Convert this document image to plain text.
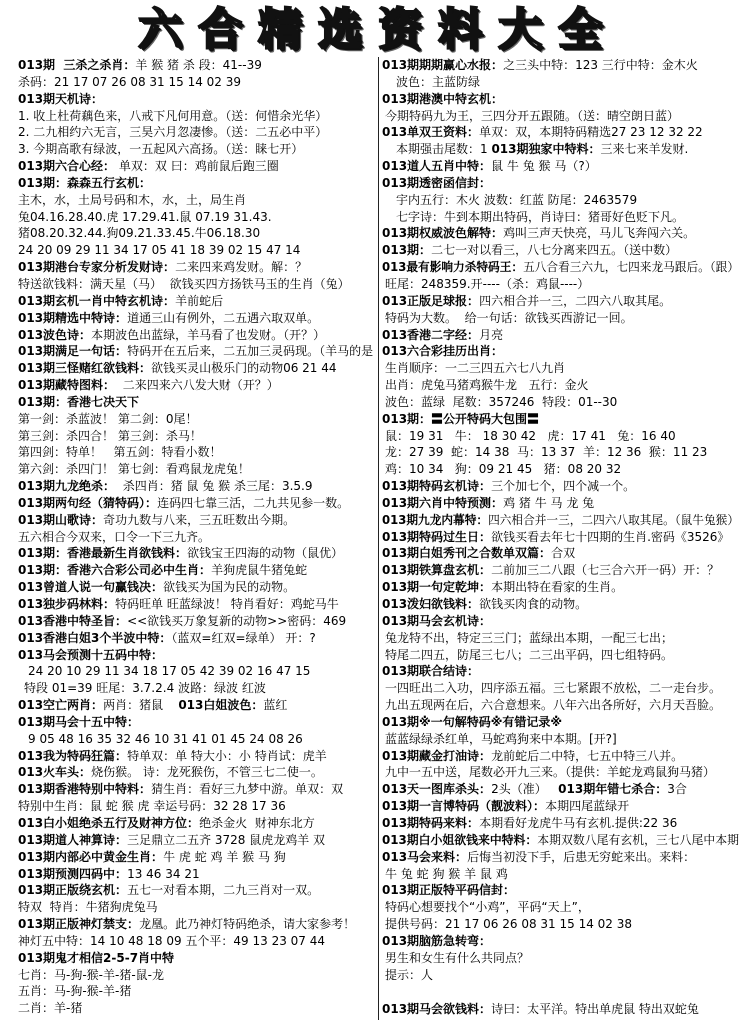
六合精选资料大全
013期  三杀之杀肖：羊 猴 猪 杀 段：41--39
杀码：21 17 07 26 08 31 15 14 02 39
013期天机诗：
1. 收上杜荷藕色来，八戒下凡何用意。（送：何惜余光华）
2. 二九相约六无言，三昊六月忽凄惨。（送：二五必中平）
3. 今期高歌有绿波，一五起风六高扬。（送：睐七开）
013期六合心经： 单双：双 曰：鸡前鼠后跑三圈
013期：森森五行玄机：
主木，水，土局号码和木，水，土，局生肖
兔04.16.28.40.虎 17.29.41.鼠 07.19 31.43.
猪08.20.32.44.狗09.21.33.45.牛06.18.30
24 20 09 29 11 34 17 05 41 18 39 02 15 47 14
013期港台专家分析发财诗：二来四来鸡发财。解：？
特送欲钱料：满天星（马）  欲钱买四方扬铁马玉的生肖（兔）
013期玄机一肖中特玄机诗：羊前蛇后
013期精选中特诗：道通三山有例外，二五遇六取双单。
013波色诗：本期波色出蓝绿，羊马看了也发财。（开？）
013期满足一句话：特码开在五后来，二五加三灵码现。（羊马的是
013期三怪赌红欲钱料：欲钱买灵山极乐门的动物06 21 44
013期藏特图料：  二来四来六八发大财（开？）
013期：香港七决天下
第一剑：杀蓝波！ 第二剑：0尾！
第三剑：杀四合！ 第三剑：杀马！
第四剑：特单！   第五剑：特看小数！
第六剑：杀四门！ 第七剑：看鸡鼠龙虎兔！
013期九龙绝杀：  杀四肖：猪 鼠 兔 猴 杀三尾：3.5.9
013期两句经（猜特码）：连码四七靠三活，二九共见参一数。
013期山歌诗：奇功九数与八来，三五旺数出今期。
五六相合今双来，口令一下三九齐。
013期：香港最新生肖欲钱料：欲钱宝王四海的动物（鼠优）
013期：香港六合彩公司必中生肖：羊狗虎鼠牛猪兔蛇
013曾道人说一句赢钱决：欲钱买为国为民的动物。
013独步码林料：特码旺单 旺蓝绿波！ 特肖看好：鸡蛇马牛
013香港中特圣旨：<<欲钱买万象复新的动物>>密码：469
013香港白姐3个半波中特：（蓝双=红双=绿单） 开：?
013马会预测十五码中特：
24 20 10 29 11 34 18 17 05 42 39 02 16 47 15
特段 01=39 旺尾：3.7.2.4 波路：绿波 红波
013空亡两肖：两肖：猪鼠    013白姐波色：蓝红
013期马会十五中特：
9 05 48 16 35 32 46 10 31 41 01 45 24 08 26
013我为特码狂篇：特单双：单 特大小：小 特肖试：虎羊
013火车头：烧伤猴。 诗：龙死猴伤，不管三七二使一。
013期香港特别中特料：猜生肖：看好三九梦中游。单双：双
特别中生肖：鼠 蛇 猴 虎 幸运号码：32 28 17 36
013白小姐绝杀五行及财神方位：绝杀金火  财神东北方
013期道人神算诗：三足鼎立二五齐 3728 鼠虎龙鸡羊 双
013期内部必中黄金生肖：牛 虎 蛇 鸡 羊 猴 马 狗
013期预测四码中：13 46 34 21
013期正版绕玄机：五七一对看本期，二九三肖对一双。
特双  特肖：牛猪狗虎兔马
013期正版神灯禁支：龙凰。此乃神灯特码绝杀，请大家参考！
神灯五中特：14 10 48 18 09 五个平：49 13 23 07 44
013期鬼才相信2-5-7肖中特
七肖：马-狗-猴-羊-猪-鼠-龙
五肖：马-狗-猴-羊-猪
二肖：羊-猪
013期期期赢心水报：之三头中特：123 三行中特：金木火
波色：主蓝防绿
013期港澳中特玄机：
今期特码九为王，三四分开五跟随。（送：晴空朗日蓝）
013单双王资料：单双：双，本期特码精选27 23 12 32 22
本期强击尾数：1 013期独家中特料：三来七来羊发财.
013道人五肖中特：鼠 牛 兔 猴 马（?）
013期透密函信封：
宇内五行：木火 波数：红蓝 防尾：2463579
七字诗：牛到本期出特码，肖诗曰：猪哥好色贬下凡。
013期权威波色解特：鸡叫三声天快亮，马儿飞奔闯六关。
013期：二七一对以看三，八七分离来四五。（送中数）
013最有影响力杀特码王：五八合看三六九，七四来龙马跟后。（跟）
旺尾：248359.开----（杀：鸡鼠----）
013正版足球报：四六相合并一三，二四六八取其尾。
特码为大数。  给一句话：欲钱买西游记一回。
013香港二字经：月亮
013六合彩挂历出肖：
生肖顺序：一二三四五六七八九肖
出肖：虎兔马猪鸡猴牛龙   五行：金火
波色：蓝绿  尾数：357246  特段：01--30
013期：〓公开特码大包围〓
鼠：19 31   牛： 18 30 42   虎：17 41   兔：16 40
龙：27 39  蛇：14 38  马：13 37  羊：12 36  猴：11 23
鸡：10 34   狗：09 21 45   猪：08 20 32
013期特码玄机诗：三个加七个，四个减一个。
013期六肖中特预测：鸡 猪 牛 马 龙 兔
013期九龙内幕特：四六相合并一三，二四六八取其尾。（鼠牛兔猴）
013期特码过生日：欲钱买看去年七十四期的生肖.密码《3526》
013期白姐秀刊之合数单双篇：合双
013期铁算盘玄机：二前加三二八跟（七三合六开一码）开：？
013期一句定乾坤：本期出特在看家的生肖。
013泼妇欲钱料：欲钱买肉食的动物。
013期马会玄机诗：
兔龙特不出，特定三三门；蓝绿出本期，一配三七出；
特尾二四五，防尾三七八；二三出平码，四七组特码。
013期联合结诗：
一四旺出二入功，四序添五福。三七紧跟不放松，二一走台步。
九出五现两在后，六合意想来。八年六出各所好，六月天吾脸。
013期※一句解特码※有错记录※
蓝蓝绿绿杀红单，马蛇鸡狗来中本期。[开?]
013期藏金打油诗：龙前蛇后二中特，七五中特三八并。
九中一五中送，尾数必开九三来。（提供：羊蛇龙鸡鼠狗马猪）
013天一图库杀头：2头（准）   013期年错七杀合：3合
013期一言博特码（靓波料）：本期四尾蓝绿开
013期特码来料：本期看好龙虎牛马有玄机.提供:22 36
013期白小姐欲钱来中特料：本期双数八尾有玄机，三七八尾中本期
013马会来料：后悔当初没下手，后患无穷蛇来出。来料：
牛 兔 蛇 狗 猴 羊 鼠 鸡
013期正版特平码信封：
特码心想要找个“小鸡”，平码“天上”，
提供号码：21 17 06 26 08 31 15 14 02 38
013期脑筋急转弯：
男生和女生有什么共同点？
提示：人
013期马会欲钱料：诗曰：太平洋。特出单虎鼠 特出双蛇兔
